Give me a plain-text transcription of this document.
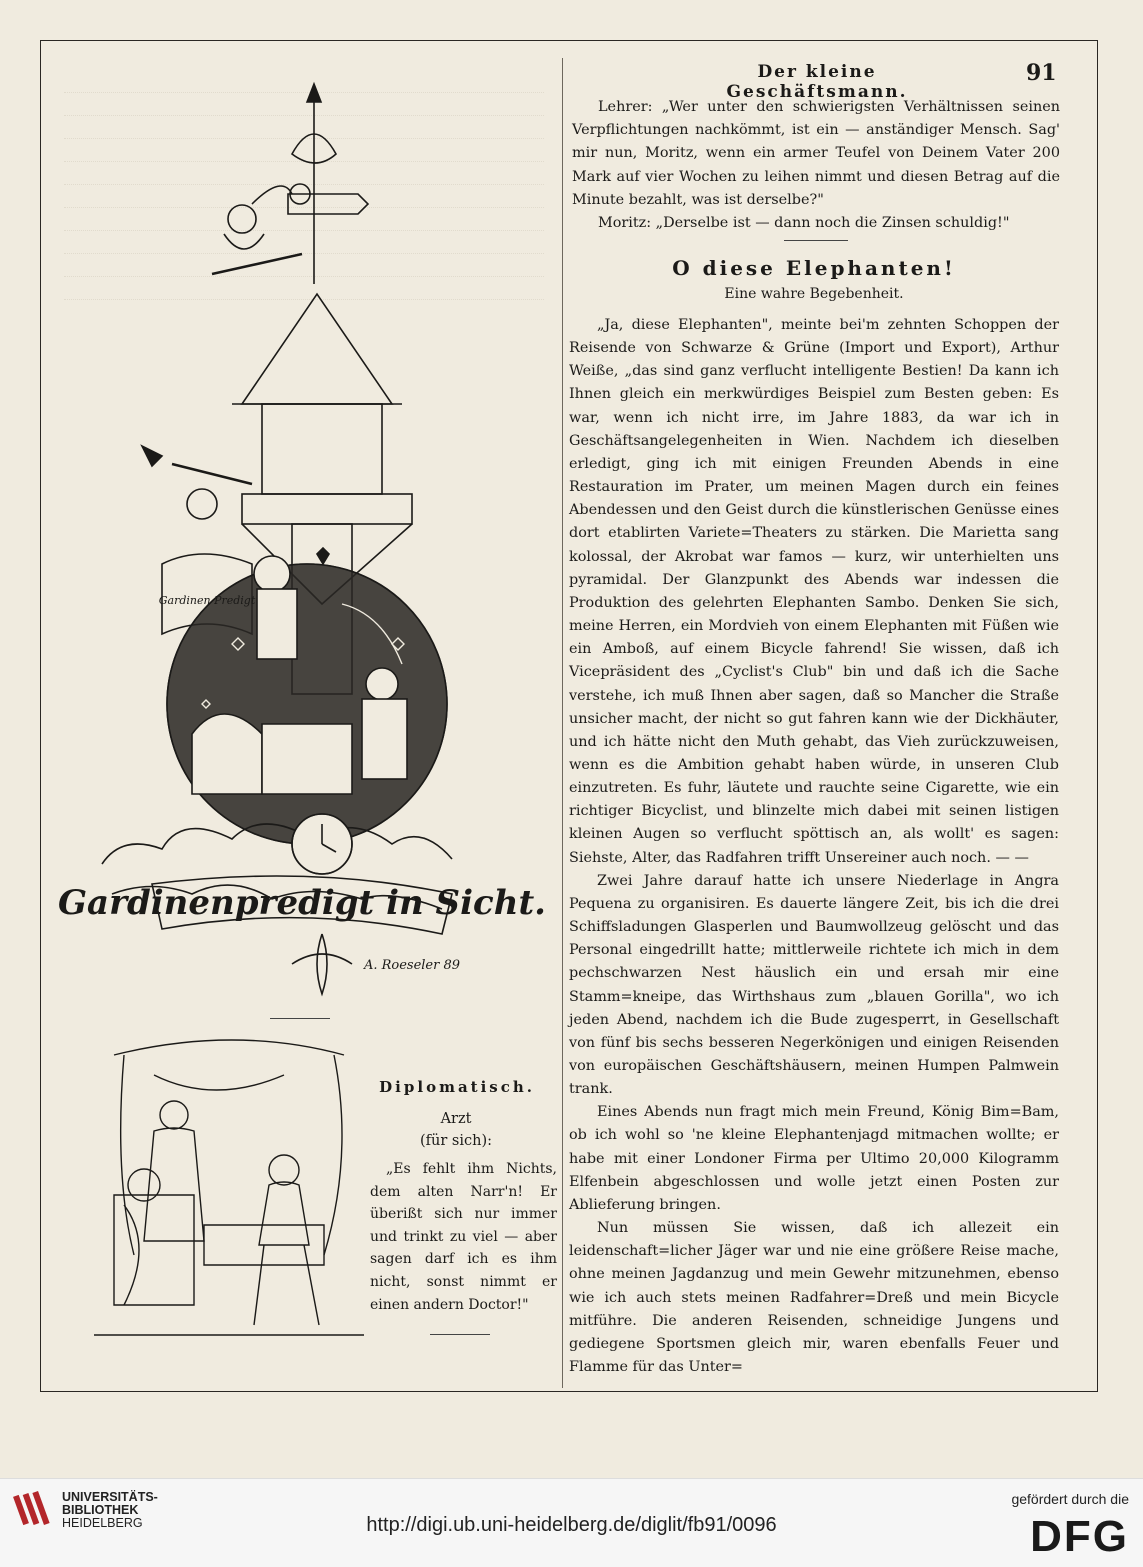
Gardinenpredigt in Sicht.
Gardinen Predigt
A. Roeseler 89
Der kleine Geschäftsmann.
91

Lehrer: „Wer unter den schwierigsten Verhältnissen seinen Verpflichtungen nachkömmt, ist ein — anständiger Mensch. Sag' mir nun, Moritz, wenn ein armer Teufel von Deinem Vater 200 Mark auf vier Wochen zu leihen nimmt und diesen Betrag auf die Minute bezahlt, was ist derselbe?"

Moritz: „Derselbe ist — dann noch die Zinsen schuldig!"

O diese Elephanten!
Eine wahre Begebenheit.

„Ja, diese Elephanten", meinte bei'm zehnten Schoppen der Reisende von Schwarze & Grüne (Import und Export), Arthur Weiße, „das sind ganz verflucht intelligente Bestien! Da kann ich Ihnen gleich ein merkwürdiges Beispiel zum Besten geben: Es war, wenn ich nicht irre, im Jahre 1883, da war ich in Geschäftsangelegenheiten in Wien. Nachdem ich dieselben erledigt, ging ich mit einigen Freunden Abends in eine Restauration im Prater, um meinen Magen durch ein feines Abendessen und den Geist durch die künstlerischen Genüsse eines dort etablirten Variete=Theaters zu stärken. Die Marietta sang kolossal, der Akrobat war famos — kurz, wir unterhielten uns pyramidal. Der Glanzpunkt des Abends war indessen die Produktion des gelehrten Elephanten Sambo. Denken Sie sich, meine Herren, ein Mordvieh von einem Elephanten mit Füßen wie ein Amboß, auf einem Bicycle fahrend! Sie wissen, daß ich Vicepräsident des „Cyclist's Club" bin und daß ich die Sache verstehe, ich muß Ihnen aber sagen, daß so Mancher die Straße unsicher macht, der nicht so gut fahren kann wie der Dickhäuter, und ich hätte nicht den Muth gehabt, das Vieh zurückzuweisen, wenn es die Ambition gehabt haben würde, in unseren Club einzutreten. Es fuhr, läutete und rauchte seine Cigarette, wie ein richtiger Bicyclist, und blinzelte mich dabei mit seinen listigen kleinen Augen so verflucht spöttisch an, als wollt' es sagen: Siehste, Alter, das Radfahren trifft Unsereiner auch noch. — —

Zwei Jahre darauf hatte ich unsere Niederlage in Angra Pequena zu organisiren. Es dauerte längere Zeit, bis ich die drei Schiffsladungen Glasperlen und Baumwollzeug gelöscht und das Personal eingedrillt hatte; mittlerweile richtete ich mich in dem pechschwarzen Nest häuslich ein und ersah mir eine Stamm=kneipe, das Wirthshaus zum „blauen Gorilla", wo ich jeden Abend, nachdem ich die Bude zugesperrt, in Gesellschaft von fünf bis sechs besseren Negerkönigen und einigen Reisenden von europäischen Geschäftshäusern, meinen Humpen Palmwein trank.

Eines Abends nun fragt mich mein Freund, König Bim=Bam, ob ich wohl so 'ne kleine Elephantenjagd mitmachen wollte; er habe mit einer Londoner Firma per Ultimo 20,000 Kilogramm Elfenbein abgeschlossen und wolle jetzt einen Posten zur Ablieferung bringen.

Nun müssen Sie wissen, daß ich allezeit ein leidenschaft=licher Jäger war und nie eine größere Reise mache, ohne meinen Jagdanzug und mein Gewehr mitzunehmen, ebenso wie ich auch stets meinen Radfahrer=Dreß und mein Bicycle mitführe. Die anderen Reisenden, schneidige Jungens und gediegene Sportsmen gleich mir, waren ebenfalls Feuer und Flamme für das Unter=

Diplomatisch.
Arzt
(für sich):

„Es fehlt ihm Nichts, dem alten Narr'n! Er überißt sich nur immer und trinkt zu viel — aber sagen darf ich es ihm nicht, sonst nimmt er einen andern Doctor!"

UNIVERSITÄTS-
BIBLIOTHEK
HEIDELBERG	http://digi.ub.uni-heidelberg.de/diglit/fb91/0096
gefördert durch die
DFG
